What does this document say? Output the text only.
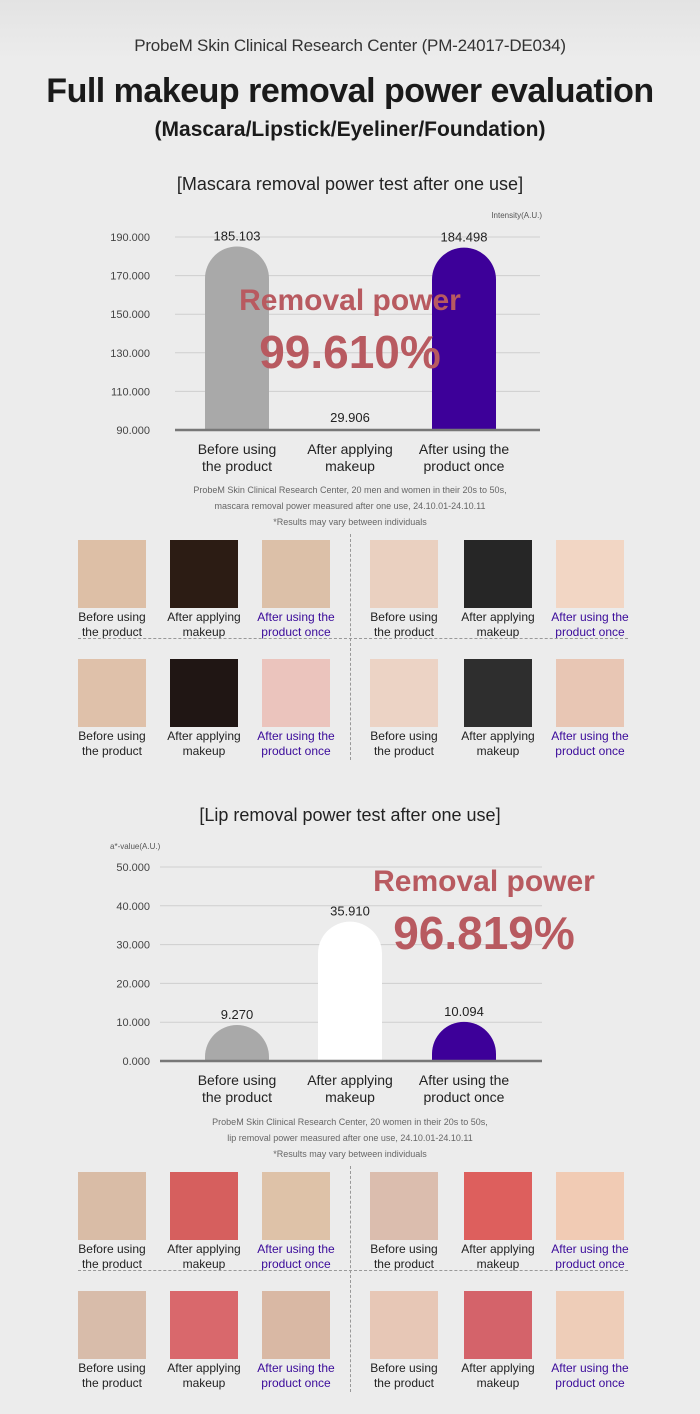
ProbeM Skin Clinical Research Center (PM-24017-DE034)
Full makeup removal power evaluation
(Mascara/Lipstick/Eyeliner/Foundation)
[Mascara removal power test after one use]
Intensity(A.U.)
90.000
110.000
130.000
150.000
170.000
190.000	185.103
Before using
the product
29.906
After applying
makeup
184.498
After using the
product once
Removal power
99.610%
ProbeM Skin Clinical Research Center, 20 men and women in their 20s to 50s,
mascara removal power measured after one use, 24.10.01-24.10.11
*Results may vary between individuals
Before using
the product
After applying
makeup
After using the
product once
Before using
the product
After applying
makeup
After using the
product once
Before using
the product
After applying
makeup
After using the
product once
Before using
the product
After applying
makeup
After using the
product once
[Lip removal power test after one use]
a*-value(A.U.)
0.000
10.000
20.000
30.000
40.000
50.000
9.270
Before using
the product
35.910
After applying
makeup
10.094
After using the
product once
Removal power
96.819%
ProbeM Skin Clinical Research Center, 20 women in their 20s to 50s,
lip removal power measured after one use, 24.10.01-24.10.11
*Results may vary between individuals
Before using
the product
After applying
makeup
After using the
product once
Before using
the product
After applying
makeup
After using the
product once
Before using
the product
After applying
makeup
After using the
product once
Before using
the product
After applying
makeup
After using the
product once
